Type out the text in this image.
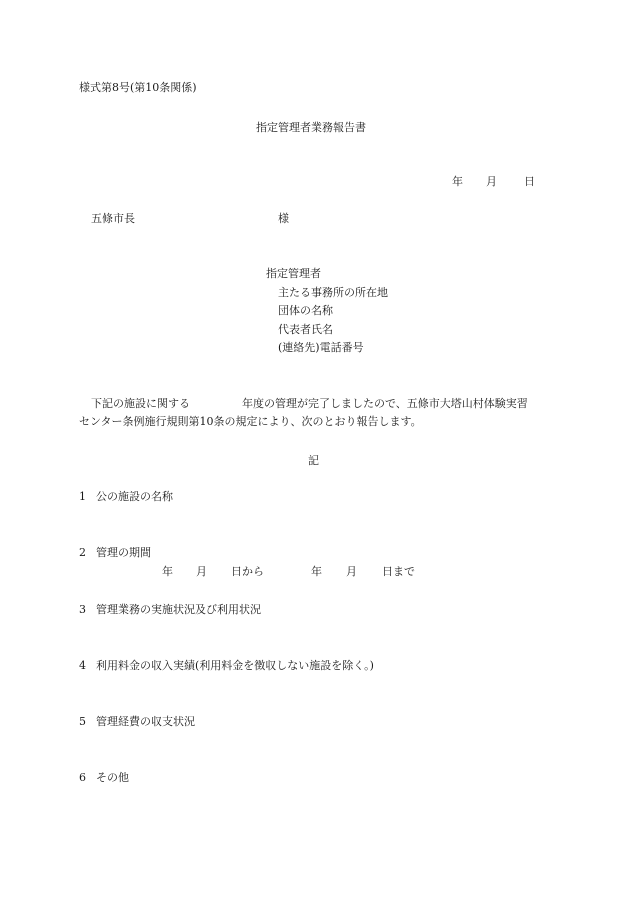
様式第8号(第10条関係)
指定管理者業務報告書
年 月 日
五條市長	様
指定管理者
主たる事務所の所在地
団体の名称
代表者氏名
(連絡先)電話番号
下記の施設に関する	年度の管理が完了しましたので、五條市大塔山村体験実習
センター条例施行規則第10条の規定により、次のとおり報告します。
記
1 公の施設の名称
2 管理の期間
年 月 日から	年 月 日まで
3 管理業務の実施状況及び利用状況
4 利用料金の収入実績(利用料金を徴収しない施設を除く。)
5 管理経費の収支状況
6 その他
